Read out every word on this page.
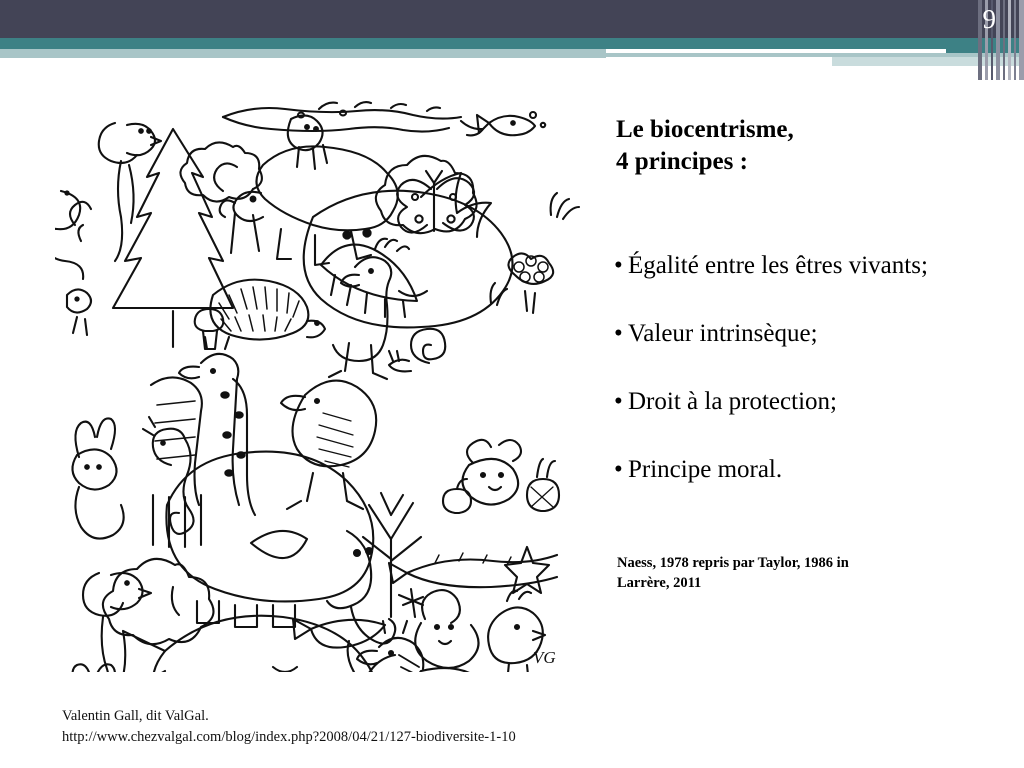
9
VG
Valentin Gall, dit ValGal.
http://www.chezvalgal.com/blog/index.php?2008/04/21/127-biodiversite-1-10
Le biocentrisme,
4 principes :
• Égalité entre les êtres vivants;
• Valeur intrinsèque;
• Droit à la protection;
• Principe moral.
Naess, 1978 repris par Taylor, 1986 in
Larrère, 2011
